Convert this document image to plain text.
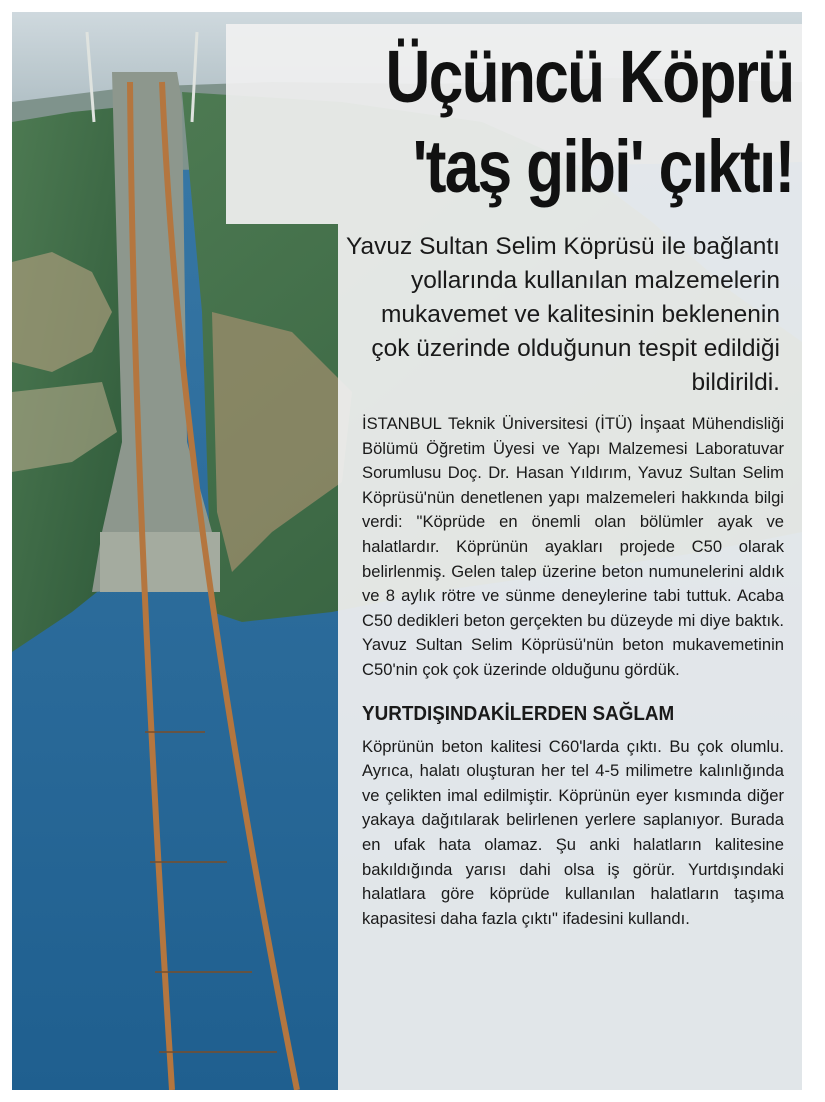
Üçüncü Köprü
'taş gibi' çıktı!

Yavuz Sultan Selim Köprüsü ile bağlantı yollarında kullanılan malzemelerin mukavemet ve kalitesinin beklenenin çok üzerinde olduğunun tespit edildiği bildirildi.

İSTANBUL Teknik Üniversitesi (İTÜ) İnşaat Mühendisliği Bölümü Öğretim Üyesi ve Yapı Malzemesi Laboratuvar Sorumlusu Doç. Dr. Hasan Yıldırım, Yavuz Sultan Selim Köprüsü'nün denetlenen yapı malzemeleri hakkında bilgi verdi: "Köprüde en önemli olan bölümler ayak ve halatlardır. Köprünün ayakları projede C50 olarak belirlenmiş. Gelen talep üzerine beton numunelerini aldık ve 8 aylık rötre ve sünme deneylerine tabi tuttuk. Acaba C50 dedikleri beton gerçekten bu düzeyde mi diye baktık. Yavuz Sultan Selim Köprüsü'nün beton mukavemetinin C50'nin çok çok üzerinde olduğunu gördük.

YURTDIŞINDAKİLERDEN SAĞLAM

Köprünün beton kalitesi C60'larda çıktı. Bu çok olumlu. Ayrıca, halatı oluşturan her tel 4-5 milimetre kalınlığında ve çelikten imal edilmiştir. Köprünün eyer kısmında diğer yakaya dağıtılarak belirlenen yerlere saplanıyor. Burada en ufak hata olamaz. Şu anki halatların kalitesine bakıldığında yarısı dahi olsa iş görür. Yurtdışındaki halatlara göre köprüde kullanılan halatların taşıma kapasitesi daha fazla çıktı" ifadesini kullandı.
